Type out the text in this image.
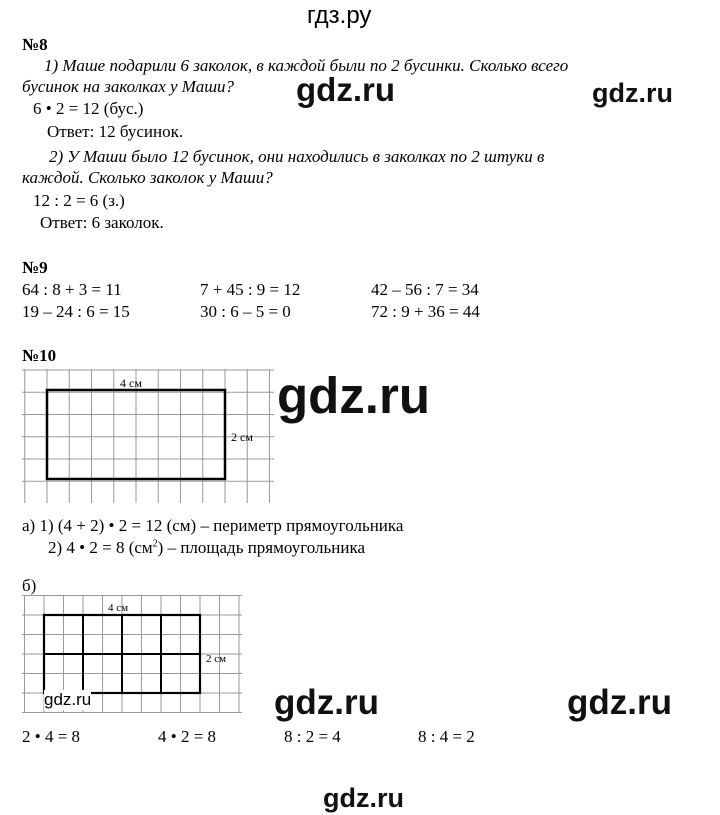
гдз.ру
№8
1) Маше подарили 6 заколок, в каждой были по 2 бусинки. Сколько всего
бусинок на заколках у Маши?
6 • 2 = 12 (бус.)
Ответ: 12 бусинок.
2) У Маши было 12 бусинок, они находились в заколках по 2 штуки в
каждой. Сколько заколок у Маши?
12 : 2 = 6 (з.)
Ответ: 6 заколок.
№9
64 : 8 + 3 = 11	7 + 45 : 9 = 12	42 – 56 : 7 = 34
19 – 24 : 6 = 15	30 : 6 – 5 = 0	72 : 9 + 36 = 44
№10
4 см
2 см
а) 1) (4 + 2) • 2 = 12 (см) – периметр прямоугольника
2) 4 • 2 = 8 $(см^2)$ – площадь прямоугольника
б)
4 см
2 см
2 • 4 = 8	4 • 2 = 8	8 : 2 = 4	8 : 4 = 2
gdz.ru	gdz.ru
gdz.ru
gdz.ru	gdz.ru	gdz.ru
gdz.ru
